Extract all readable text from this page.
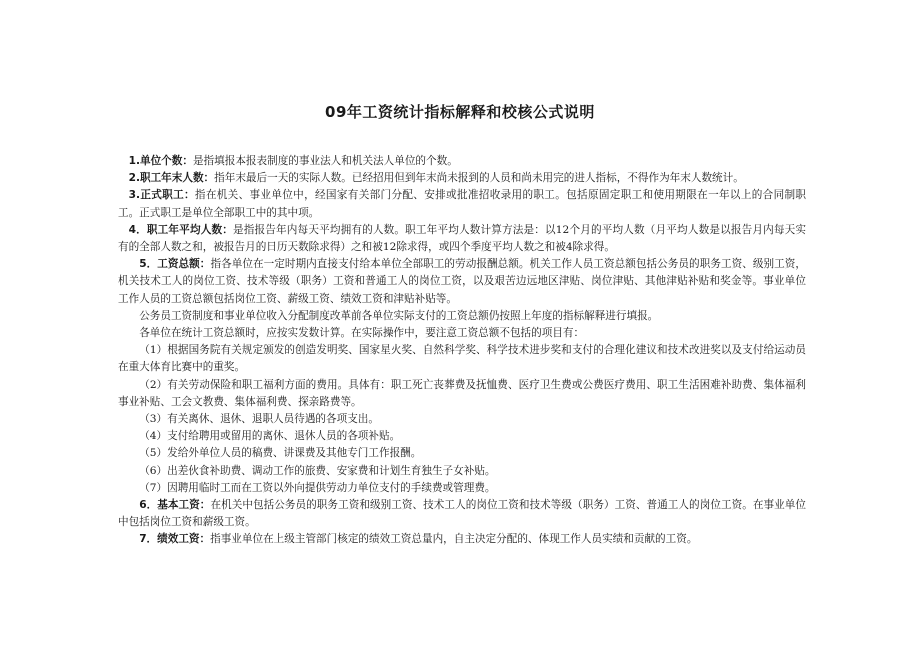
09年工资统计指标解释和校核公式说明

1.单位个数：是指填报本报表制度的事业法人和机关法人单位的个数。

2.职工年末人数：指年末最后一天的实际人数。已经招用但到年末尚未报到的人员和尚未用完的进人指标，不得作为年末人数统计。

3.正式职工：指在机关、事业单位中，经国家有关部门分配、安排或批准招收录用的职工。包括原固定职工和使用期限在一年以上的合同制职工。正式职工是单位全部职工中的其中项。

4．职工年平均人数：是指报告年内每天平均拥有的人数。职工年平均人数计算方法是：以12个月的平均人数（月平均人数是以报告月内每天实有的全部人数之和，被报告月的日历天数除求得）之和被12除求得，或四个季度平均人数之和被4除求得。

5．工资总额：指各单位在一定时期内直接支付给本单位全部职工的劳动报酬总额。机关工作人员工资总额包括公务员的职务工资、级别工资，机关技术工人的岗位工资、技术等级（职务）工资和普通工人的岗位工资，以及艰苦边远地区津贴、岗位津贴、其他津贴补贴和奖金等。事业单位工作人员的工资总额包括岗位工资、薪级工资、绩效工资和津贴补贴等。

公务员工资制度和事业单位收入分配制度改革前各单位实际支付的工资总额仍按照上年度的指标解释进行填报。

各单位在统计工资总额时，应按实发数计算。在实际操作中，要注意工资总额不包括的项目有：

（1）根据国务院有关规定颁发的创造发明奖、国家星火奖、自然科学奖、科学技术进步奖和支付的合理化建议和技术改进奖以及支付给运动员在重大体育比赛中的重奖。

（2）有关劳动保险和职工福利方面的费用。具体有：职工死亡丧葬费及抚恤费、医疗卫生费或公费医疗费用、职工生活困难补助费、集体福利事业补贴、工会文教费、集体福利费、探亲路费等。

（3）有关离休、退休、退职人员待遇的各项支出。

（4）支付给聘用或留用的离休、退休人员的各项补贴。

（5）发给外单位人员的稿费、讲课费及其他专门工作报酬。

（6）出差伙食补助费、调动工作的旅费、安家费和计划生育独生子女补贴。

（7）因聘用临时工而在工资以外向提供劳动力单位支付的手续费或管理费。

6．基本工资：在机关中包括公务员的职务工资和级别工资、技术工人的岗位工资和技术等级（职务）工资、普通工人的岗位工资。在事业单位中包括岗位工资和薪级工资。

7．绩效工资：指事业单位在上级主管部门核定的绩效工资总量内，自主决定分配的、体现工作人员实绩和贡献的工资。
